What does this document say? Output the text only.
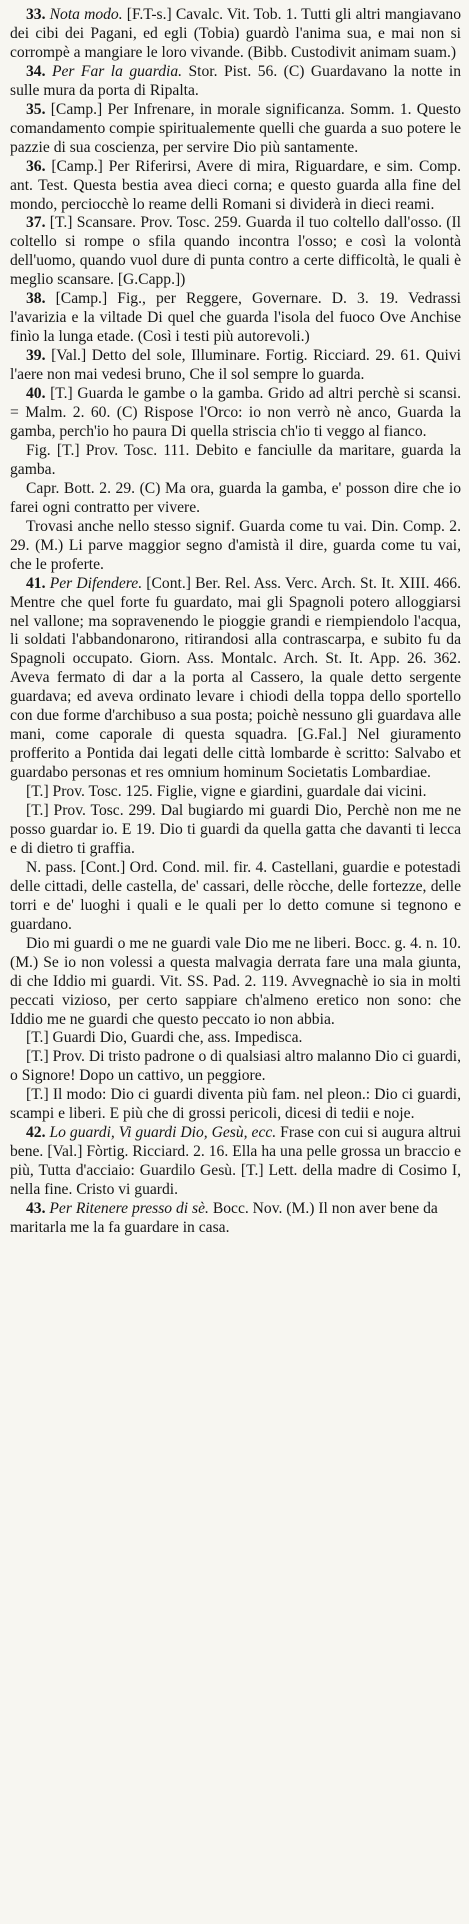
33. Nota modo. [F.T-s.] Cavalc. Vit. Tob. 1. Tutti gli altri mangiavano dei cibi dei Pagani, ed egli (Tobia) guardò l'anima sua, e mai non si corrompè a mangiare le loro vivande. (Bibb. Custodivit animam suam.)

34. Per Far la guardia. Stor. Pist. 56. (C) Guardavano la notte in sulle mura da porta di Ripalta.

35. [Camp.] Per Infrenare, in morale significanza. Somm. 1. Questo comandamento compie spiritualemente quelli che guarda a suo potere le pazzie di sua coscienza, per servire Dio più santamente.

36. [Camp.] Per Riferirsi, Avere di mira, Riguardare, e sim. Comp. ant. Test. Questa bestia avea dieci corna; e questo guarda alla fine del mondo, perciocchè lo reame delli Romani si dividerà in dieci reami.

37. [T.] Scansare. Prov. Tosc. 259. Guarda il tuo coltello dall'osso. (Il coltello si rompe o sfila quando incontra l'osso; e così la volontà dell'uomo, quando vuol dure di punta contro a certe difficoltà, le quali è meglio scansare. [G.Capp.])

38. [Camp.] Fig., per Reggere, Governare. D. 3. 19. Vedrassi l'avarizia e la viltade Di quel che guarda l'isola del fuoco Ove Anchise finìo la lunga etade. (Così i testi più autorevoli.)

39. [Val.] Detto del sole, Illuminare. Fortig. Ricciard. 29. 61. Quivi l'aere non mai vedesi bruno, Che il sol sempre lo guarda.

40. [T.] Guarda le gambe o la gamba. Grido ad altri perchè si scansi. = Malm. 2. 60. (C) Rispose l'Orco: io non verrò nè anco, Guarda la gamba, perch'io ho paura Di quella striscia ch'io ti veggo al fianco.

Fig. [T.] Prov. Tosc. 111. Debito e fanciulle da maritare, guarda la gamba.

Capr. Bott. 2. 29. (C) Ma ora, guarda la gamba, e' posson dire che io farei ogni contratto per vivere.

Trovasi anche nello stesso signif. Guarda come tu vai. Din. Comp. 2. 29. (M.) Li parve maggior segno d'amistà il dire, guarda come tu vai, che le proferte.

41. Per Difendere. [Cont.] Ber. Rel. Ass. Verc. Arch. St. It. XIII. 466. Mentre che quel forte fu guardato, mai gli Spagnoli potero alloggiarsi nel vallone; ma sopravenendo le pioggie grandi e riempiendolo l'acqua, li soldati l'abbandonarono, ritirandosi alla contrascarpa, e subito fu da Spagnoli occupato. Giorn. Ass. Montalc. Arch. St. It. App. 26. 362. Aveva fermato di dar a la porta al Cassero, la quale detto sergente guardava; ed aveva ordinato levare i chiodi della toppa dello sportello con due forme d'archibuso a sua posta; poichè nessuno gli guardava alle mani, come caporale di questa squadra. [G.Fal.] Nel giuramento profferito a Pontida dai legati delle città lombarde è scritto: Salvabo et guardabo personas et res omnium hominum Societatis Lombardiae.

[T.] Prov. Tosc. 125. Figlie, vigne e giardini, guardale dai vicini.

[T.] Prov. Tosc. 299. Dal bugiardo mi guardi Dio, Perchè non me ne posso guardar io. E 19. Dio ti guardi da quella gatta che davanti ti lecca e di dietro ti graffia.

N. pass. [Cont.] Ord. Cond. mil. fir. 4. Castellani, guardie e potestadi delle cittadi, delle castella, de' cassari, delle ròcche, delle fortezze, delle torri e de' luoghi i quali e le quali per lo detto comune si tegnono e guardano.

Dio mi guardi o me ne guardi vale Dio me ne liberi. Bocc. g. 4. n. 10. (M.) Se io non volessi a questa malvagia derrata fare una mala giunta, di che Iddio mi guardi. Vit. SS. Pad. 2. 119. Avvegnachè io sia in molti peccati vizioso, per certo sappiare ch'almeno eretico non sono: che Iddio me ne guardi che questo peccato io non abbia.

[T.] Guardi Dio, Guardi che, ass. Impedisca.

[T.] Prov. Di tristo padrone o di qualsiasi altro malanno Dio ci guardi, o Signore! Dopo un cattivo, un peggiore.

[T.] Il modo: Dio ci guardi diventa più fam. nel pleon.: Dio ci guardi, scampi e liberi. E più che di grossi pericoli, dicesi di tedii e noje.

42. Lo guardi, Vi guardi Dio, Gesù, ecc. Frase con cui si augura altrui bene. [Val.] Fòrtig. Ricciard. 2. 16. Ella ha una pelle grossa un braccio e più, Tutta d'acciaio: Guardilo Gesù. [T.] Lett. della madre di Cosimo I, nella fine. Cristo vi guardi.

43. Per Ritenere presso di sè. Bocc. Nov. (M.) Il non aver bene da maritarla me la fa guardare in casa.
